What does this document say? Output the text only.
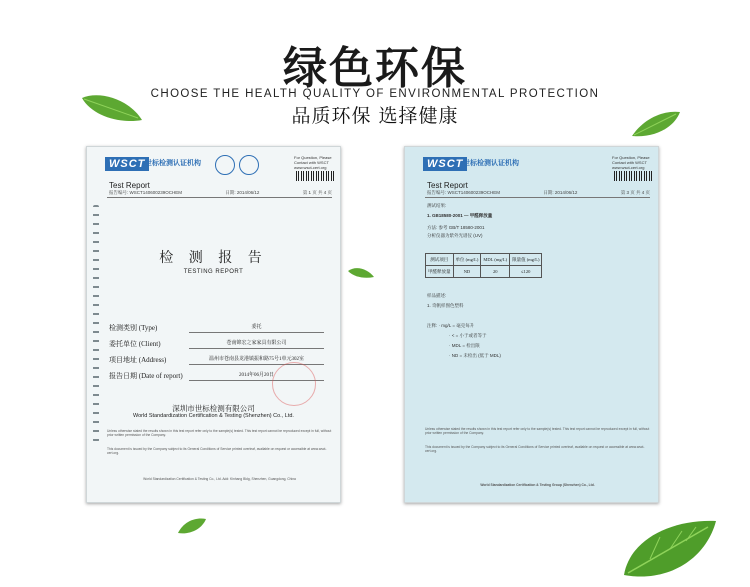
绿色环保
CHOOSE THE HEALTH QUALITY OF ENVIRONMENTAL PROTECTION
品质环保 选择健康
WSCT 世标检测认证机构
For Question, Please Contact with WSCT www.wsct-cert.org
Test Report
报告编号: WSCT140600239OCHEM	日期: 2014/06/12	第 1 页 共 4 页
检 测 报 告
TESTING REPORT
检测类别 (Type)	委托
委托单位 (Client)	苍南锦宏之家家具有限公司
项目地址 (Address)	温州市苍南县龙港镇振和路75号1单元302室
报告日期 (Date of report)	2014年06月20日
深圳市世标检测有限公司
World Standardization Certification & Testing (Shenzhen) Co., Ltd.
Unless otherwise stated the results shown in this test report refer only to the sample(s) tested. This test report cannot be reproduced except in full, without prior written permission of the Company.
This document is issued by the Company subject to its General Conditions of Service printed overleaf, available on request or accessible at www.wsct-cert.org.
World Standardization Certification & Testing Co., Ltd. Add: Kinhang Bldg, Shenzhen, Guangdong, China
WSCT 世标检测认证机构
For Question, Please Contact with WSCT www.wsct-cert.org
Test Report
报告编号: WSCT140600239OCHEM	日期: 2014/06/12	第 3 页 共 4 页
测试结果:
1. GB18580-2001 — 甲醛释放量
方法: 参考 GB/T 18580-2001
分析仪器为紫外光谱仪 (UV)
测试项目	单位 (mg/L)	MDL (mg/L)	限量值 (mg/L)
甲醛释放量	ND	20	≤120
样品描述:
1. 奇帆样图色塑料
注释: · mg/L = 毫克每升
· < = 小于或者等于
· MDL = 检出限
· ND = 未检出 (低于 MDL)
Unless otherwise stated the results shown in this test report refer only to the sample(s) tested. This test report cannot be reproduced except in full, without prior written permission of the Company.
This document is issued by the Company subject to its General Conditions of Service printed overleaf, available on request or accessible at www.wsct-cert.org.
World Standardization Certification & Testing Group (Shenzhen) Co., Ltd.
